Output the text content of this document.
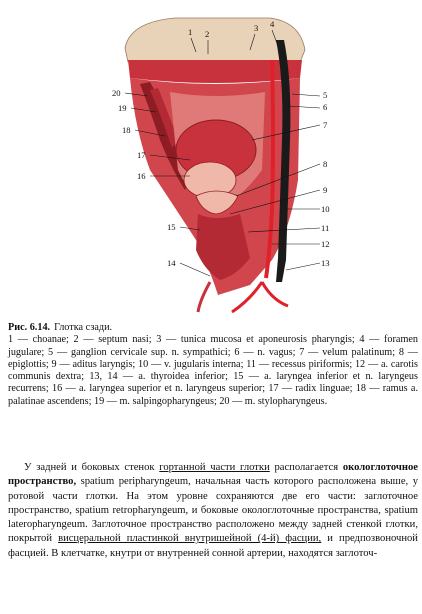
1 2
3 4
5
6
7
8
9
10
11
12
13
14
15
16
17
18
19
20
Рис. 6.14. Глотка сзади.
1 — choanae; 2 — septum nasi; 3 — tunica mucosa et aponeurosis pharyngis; 4 — foramen jugulare; 5 — ganglion cervicale sup. n. sympathici; 6 — n. vagus; 7 — velum palatinum; 8 — epiglottis; 9 — aditus laryngis; 10 — v. jugularis interna; 11 — recessus piriformis; 12 — a. carotis communis dextra; 13, 14 — a. thyroidea inferior; 15 — a. laryngea inferior et n. laryngeus recurrens; 16 — a. laryngea superior et n. laryngeus superior; 17 — radix linguae; 18 — ramus a. palatinae ascendens; 19 — m. salpingopharyngeus; 20 — m. stylopharyngeus.
У задней и боковых стенок гортанной части глотки располагается окологлоточное пространство, spatium peripharyngeum, начальная часть которого расположена выше, у ротовой части глотки. На этом уровне сохраняются две его части: заглоточное пространство, spatium retropharyngeum, и боковые окологлоточные пространства, spatium lateropharyngeum. Заглоточное пространство расположено между задней стенкой глотки, покрытой висцеральной пластинкой внутришейной (4-й) фасции, и предпозвоночной фасцией. В клетчатке, кнутри от внутренней сонной артерии, находятся заглоточ-
